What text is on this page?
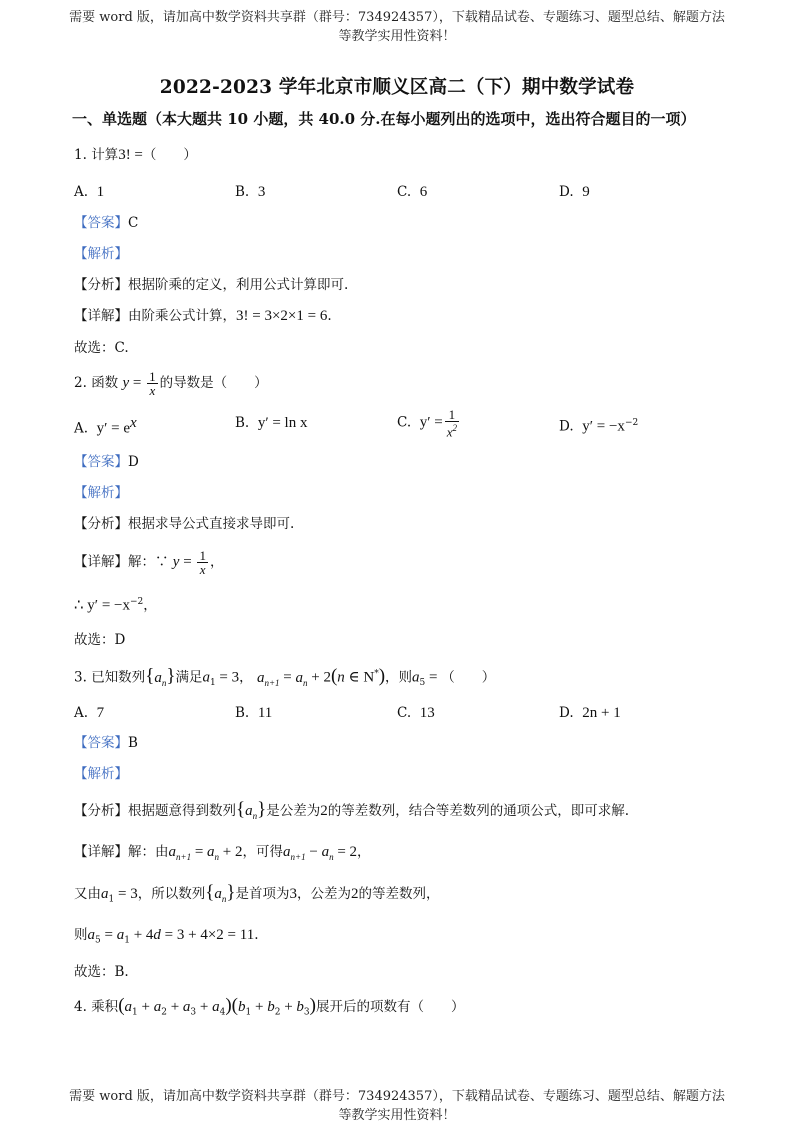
需要 word 版，请加高中数学资料共享群（群号：734924357），下载精品试卷、专题练习、题型总结、解题方法
等教学实用性资料！
2022-2023 学年北京市顺义区高二（下）期中数学试卷
一、单选题（本大题共 10 小题，共 40.0 分.在每小题列出的选项中，选出符合题目的一项）
1. 计算3! =（　　）
A. 1	B. 3	C. 6	D. 9
【答案】C
【解析】
【分析】根据阶乘的定义，利用公式计算即可.
【详解】由阶乘公式计算，3! = 3×2×1 = 6.
故选：C.
2. 函数 $y = \frac{1}{x}$ 的导数是（　　）
A. $y' = e^x$	B. y′ = ln x	C. $y' = \frac{1}{x^2}$	D. $y' = -x^{-2}$
【答案】D
【解析】
【分析】根据求导公式直接求导即可.
【详解】解：∵ $y = \frac{1}{x}$ ，
∴ $y' = -x^{-2}$，
故选：D
3. 已知数列$\{a_n\}$满足$a_1 = 3$， $a_{n+1} = a_n + 2(n$ ∈ N*)，则$a_5$ = （　　）
A. 7	B. 11	C. 13	D. 2n + 1
【答案】B
【解析】
【分析】根据题意得到数列$\{a_n\}$是公差为2的等差数列，结合等差数列的通项公式，即可求解.
【详解】解：由$a_{n+1} = a_n + 2$，可得$a_{n+1} - a_n = 2$，
又由$a_1 = 3$，所以数列$\{a_n\}$是首项为3，公差为2的等差数列，
则$a_5 = a_1 + 4d = 3 + 4\times 2 = 11$.
故选：B.
4. 乘积$(a_1 + a_2 + a_3 + a_4)(b_1 + b_2 + b_3)$展开后的项数有（　　）
需要 word 版，请加高中数学资料共享群（群号：734924357），下载精品试卷、专题练习、题型总结、解题方法
等教学实用性资料！
